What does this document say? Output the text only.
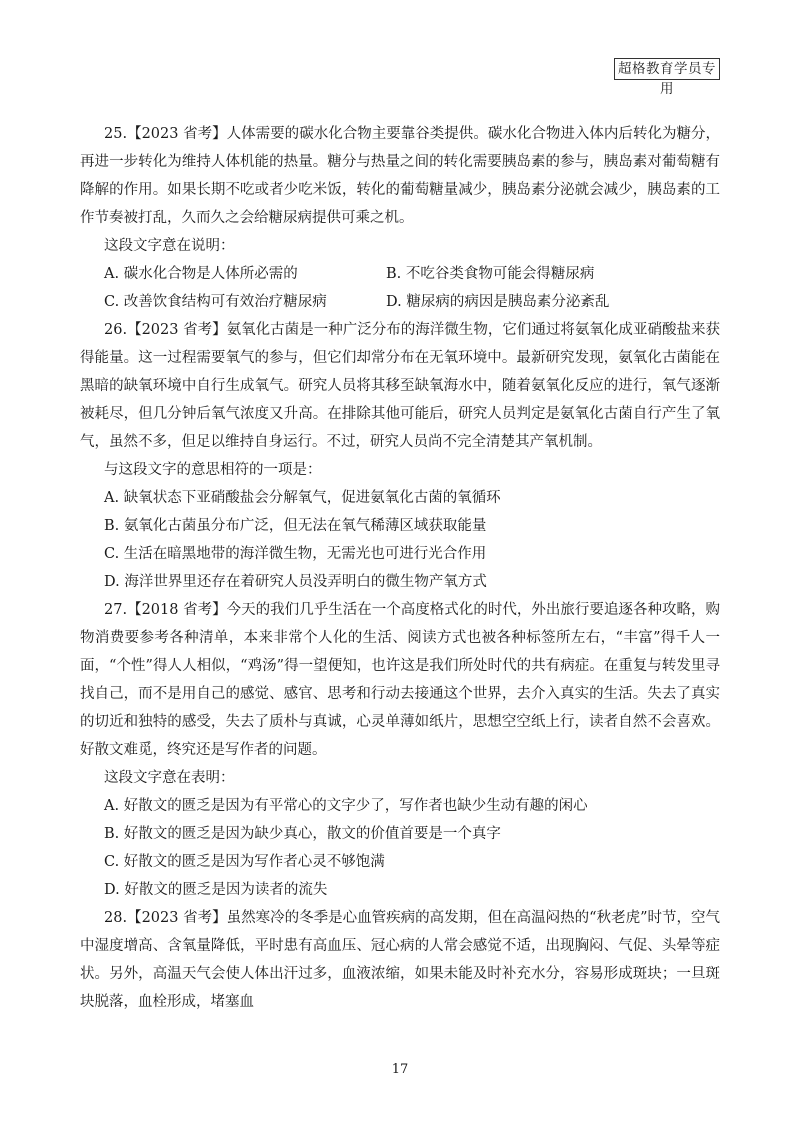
超格教育学员专用

25.【2023 省考】人体需要的碳水化合物主要靠谷类提供。碳水化合物进入体内后转化为糖分，再进一步转化为维持人体机能的热量。糖分与热量之间的转化需要胰岛素的参与，胰岛素对葡萄糖有降解的作用。如果长期不吃或者少吃米饭，转化的葡萄糖量减少，胰岛素分泌就会减少，胰岛素的工作节奏被打乱，久而久之会给糖尿病提供可乘之机。

这段文字意在说明：

A. 碳水化合物是人体所必需的	B. 不吃谷类食物可能会得糖尿病
C. 改善饮食结构可有效治疗糖尿病	D. 糖尿病的病因是胰岛素分泌紊乱

26.【2023 省考】氨氧化古菌是一种广泛分布的海洋微生物，它们通过将氨氧化成亚硝酸盐来获得能量。这一过程需要氧气的参与，但它们却常分布在无氧环境中。最新研究发现，氨氧化古菌能在黑暗的缺氧环境中自行生成氧气。研究人员将其移至缺氧海水中，随着氨氧化反应的进行，氧气逐渐被耗尽，但几分钟后氧气浓度又升高。在排除其他可能后，研究人员判定是氨氧化古菌自行产生了氧气，虽然不多，但足以维持自身运行。不过，研究人员尚不完全清楚其产氧机制。

与这段文字的意思相符的一项是：

A. 缺氧状态下亚硝酸盐会分解氧气，促进氨氧化古菌的氧循环

B. 氨氧化古菌虽分布广泛，但无法在氧气稀薄区域获取能量

C. 生活在暗黑地带的海洋微生物，无需光也可进行光合作用

D. 海洋世界里还存在着研究人员没弄明白的微生物产氧方式

27.【2018 省考】今天的我们几乎生活在一个高度格式化的时代，外出旅行要追逐各种攻略，购物消费要参考各种清单，本来非常个人化的生活、阅读方式也被各种标签所左右，“丰富”得千人一面，“个性”得人人相似，“鸡汤”得一望便知，也许这是我们所处时代的共有病症。在重复与转发里寻找自己，而不是用自己的感觉、感官、思考和行动去接通这个世界，去介入真实的生活。失去了真实的切近和独特的感受，失去了质朴与真诚，心灵单薄如纸片，思想空空纸上行，读者自然不会喜欢。好散文难觅，终究还是写作者的问题。

这段文字意在表明：

A. 好散文的匮乏是因为有平常心的文字少了，写作者也缺少生动有趣的闲心

B. 好散文的匮乏是因为缺少真心，散文的价值首要是一个真字

C. 好散文的匮乏是因为写作者心灵不够饱满

D. 好散文的匮乏是因为读者的流失

28.【2023 省考】虽然寒冷的冬季是心血管疾病的高发期，但在高温闷热的“秋老虎”时节，空气中湿度增高、含氧量降低，平时患有高血压、冠心病的人常会感觉不适，出现胸闷、气促、头晕等症状。另外，高温天气会使人体出汗过多，血液浓缩，如果未能及时补充水分，容易形成斑块；一旦斑块脱落，血栓形成，堵塞血

17
